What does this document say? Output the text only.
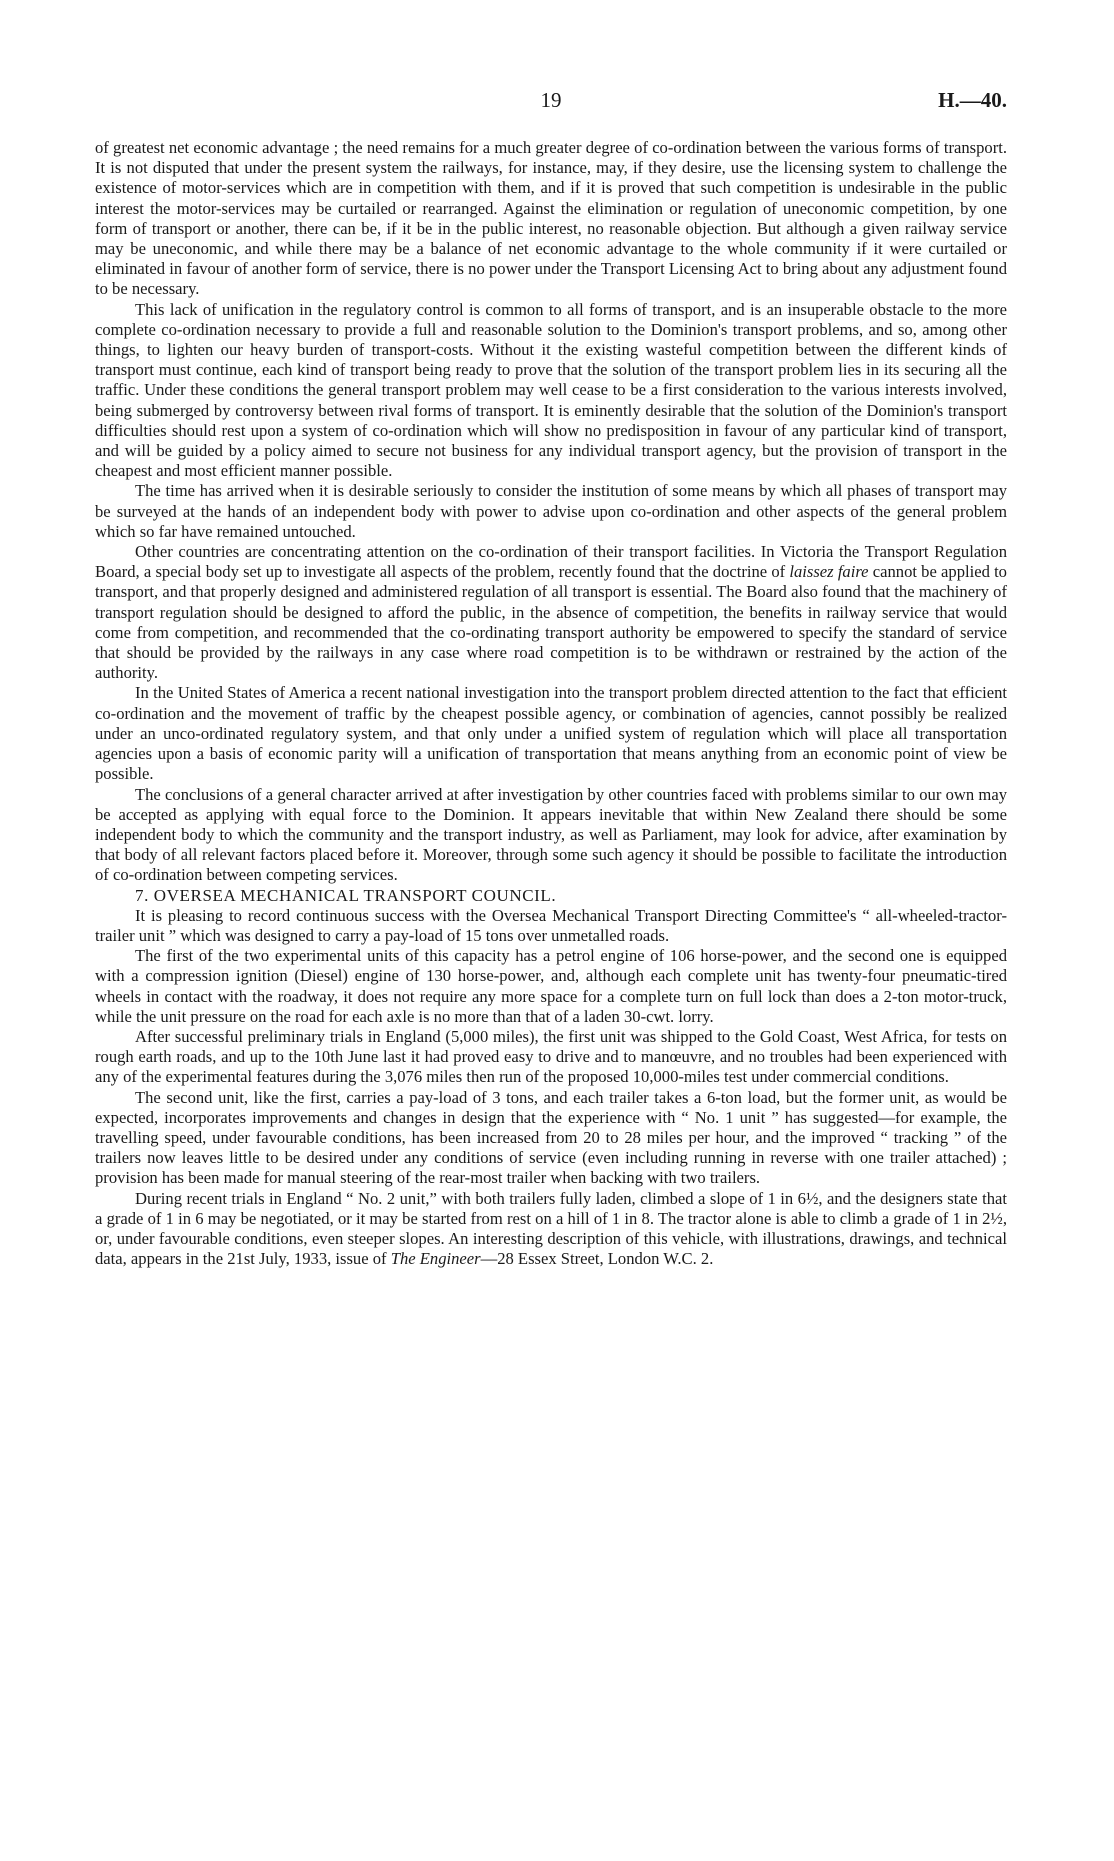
19	H.—40.

of greatest net economic advantage ; the need remains for a much greater degree of co-ordination between the various forms of transport. It is not disputed that under the present system the railways, for instance, may, if they desire, use the licensing system to challenge the existence of motor-services which are in competition with them, and if it is proved that such competition is undesirable in the public interest the motor-services may be curtailed or rearranged. Against the elimination or regulation of uneconomic competition, by one form of transport or another, there can be, if it be in the public interest, no reasonable objection. But although a given railway service may be uneconomic, and while there may be a balance of net economic advantage to the whole community if it were curtailed or eliminated in favour of another form of service, there is no power under the Transport Licensing Act to bring about any adjustment found to be necessary.

This lack of unification in the regulatory control is common to all forms of transport, and is an insuperable obstacle to the more complete co-ordination necessary to provide a full and reasonable solution to the Dominion's transport problems, and so, among other things, to lighten our heavy burden of transport-costs. Without it the existing wasteful competition between the different kinds of transport must continue, each kind of transport being ready to prove that the solution of the transport problem lies in its securing all the traffic. Under these conditions the general transport problem may well cease to be a first consideration to the various interests involved, being submerged by controversy between rival forms of transport. It is eminently desirable that the solution of the Dominion's transport difficulties should rest upon a system of co-ordination which will show no predisposition in favour of any particular kind of transport, and will be guided by a policy aimed to secure not business for any individual transport agency, but the provision of transport in the cheapest and most efficient manner possible.

The time has arrived when it is desirable seriously to consider the institution of some means by which all phases of transport may be surveyed at the hands of an independent body with power to advise upon co-ordination and other aspects of the general problem which so far have remained untouched.

Other countries are concentrating attention on the co-ordination of their transport facilities. In Victoria the Transport Regulation Board, a special body set up to investigate all aspects of the problem, recently found that the doctrine of laissez faire cannot be applied to transport, and that properly designed and administered regulation of all transport is essential. The Board also found that the machinery of transport regulation should be designed to afford the public, in the absence of competition, the benefits in railway service that would come from competition, and recommended that the co-ordinating transport authority be empowered to specify the standard of service that should be provided by the railways in any case where road competition is to be withdrawn or restrained by the action of the authority.

In the United States of America a recent national investigation into the transport problem directed attention to the fact that efficient co-ordination and the movement of traffic by the cheapest possible agency, or combination of agencies, cannot possibly be realized under an unco-ordinated regulatory system, and that only under a unified system of regulation which will place all transportation agencies upon a basis of economic parity will a unification of transportation that means anything from an economic point of view be possible.

The conclusions of a general character arrived at after investigation by other countries faced with problems similar to our own may be accepted as applying with equal force to the Dominion. It appears inevitable that within New Zealand there should be some independent body to which the community and the transport industry, as well as Parliament, may look for advice, after examination by that body of all relevant factors placed before it. Moreover, through some such agency it should be possible to facilitate the introduction of co-ordination between competing services.

7. OVERSEA MECHANICAL TRANSPORT COUNCIL.

It is pleasing to record continuous success with the Oversea Mechanical Transport Directing Committee's “ all-wheeled-tractor-trailer unit ” which was designed to carry a pay-load of 15 tons over unmetalled roads.

The first of the two experimental units of this capacity has a petrol engine of 106 horse-power, and the second one is equipped with a compression ignition (Diesel) engine of 130 horse-power, and, although each complete unit has twenty-four pneumatic-tired wheels in contact with the roadway, it does not require any more space for a complete turn on full lock than does a 2-ton motor-truck, while the unit pressure on the road for each axle is no more than that of a laden 30-cwt. lorry.

After successful preliminary trials in England (5,000 miles), the first unit was shipped to the Gold Coast, West Africa, for tests on rough earth roads, and up to the 10th June last it had proved easy to drive and to manœuvre, and no troubles had been experienced with any of the experimental features during the 3,076 miles then run of the proposed 10,000-miles test under commercial conditions.

The second unit, like the first, carries a pay-load of 3 tons, and each trailer takes a 6-ton load, but the former unit, as would be expected, incorporates improvements and changes in design that the experience with “ No. 1 unit ” has suggested—for example, the travelling speed, under favourable conditions, has been increased from 20 to 28 miles per hour, and the improved “ tracking ” of the trailers now leaves little to be desired under any conditions of service (even including running in reverse with one trailer attached) ; provision has been made for manual steering of the rear-most trailer when backing with two trailers.

During recent trials in England “ No. 2 unit,” with both trailers fully laden, climbed a slope of 1 in 6½, and the designers state that a grade of 1 in 6 may be negotiated, or it may be started from rest on a hill of 1 in 8. The tractor alone is able to climb a grade of 1 in 2½, or, under favourable conditions, even steeper slopes. An interesting description of this vehicle, with illustrations, drawings, and technical data, appears in the 21st July, 1933, issue of The Engineer—28 Essex Street, London W.C. 2.
